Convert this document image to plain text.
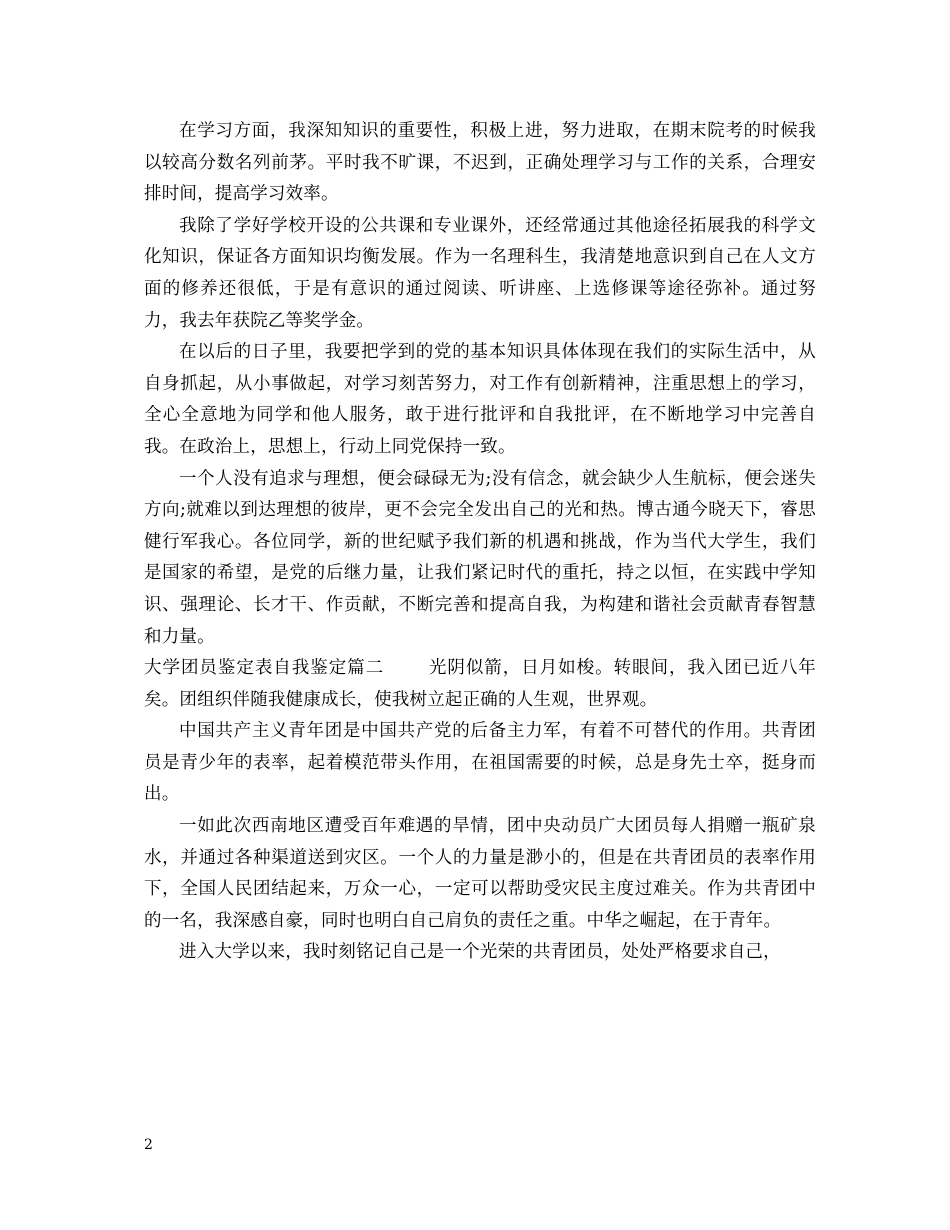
在学习方面，我深知知识的重要性，积极上进，努力进取，在期末院考的时候我以较高分数名列前茅。平时我不旷课，不迟到，正确处理学习与工作的关系，合理安排时间，提高学习效率。

我除了学好学校开设的公共课和专业课外，还经常通过其他途径拓展我的科学文化知识，保证各方面知识均衡发展。作为一名理科生，我清楚地意识到自己在人文方面的修养还很低，于是有意识的通过阅读、听讲座、上选修课等途径弥补。通过努力，我去年获院乙等奖学金。

在以后的日子里，我要把学到的党的基本知识具体体现在我们的实际生活中，从自身抓起，从小事做起，对学习刻苦努力，对工作有创新精神，注重思想上的学习，全心全意地为同学和他人服务，敢于进行批评和自我批评，在不断地学习中完善自我。在政治上，思想上，行动上同党保持一致。

一个人没有追求与理想，便会碌碌无为;没有信念，就会缺少人生航标，便会迷失方向;就难以到达理想的彼岸，更不会完全发出自己的光和热。博古通今晓天下，睿思健行军我心。各位同学，新的世纪赋予我们新的机遇和挑战，作为当代大学生，我们是国家的希望，是党的后继力量，让我们紧记时代的重托，持之以恒，在实践中学知识、强理论、长才干、作贡献，不断完善和提高自我，为构建和谐社会贡献青春智慧和力量。

大学团员鉴定表自我鉴定篇二	光阴似箭，日月如梭。转眼间，我入团已近八年矣。团组织伴随我健康成长，使我树立起正确的人生观，世界观。

中国共产主义青年团是中国共产党的后备主力军，有着不可替代的作用。共青团员是青少年的表率，起着模范带头作用，在祖国需要的时候，总是身先士卒，挺身而出。

一如此次西南地区遭受百年难遇的旱情，团中央动员广大团员每人捐赠一瓶矿泉水，并通过各种渠道送到灾区。一个人的力量是渺小的，但是在共青团员的表率作用下，全国人民团结起来，万众一心，一定可以帮助受灾民主度过难关。作为共青团中的一名，我深感自豪，同时也明白自己肩负的责任之重。中华之崛起，在于青年。

进入大学以来，我时刻铭记自己是一个光荣的共青团员，处处严格要求自己，

2
